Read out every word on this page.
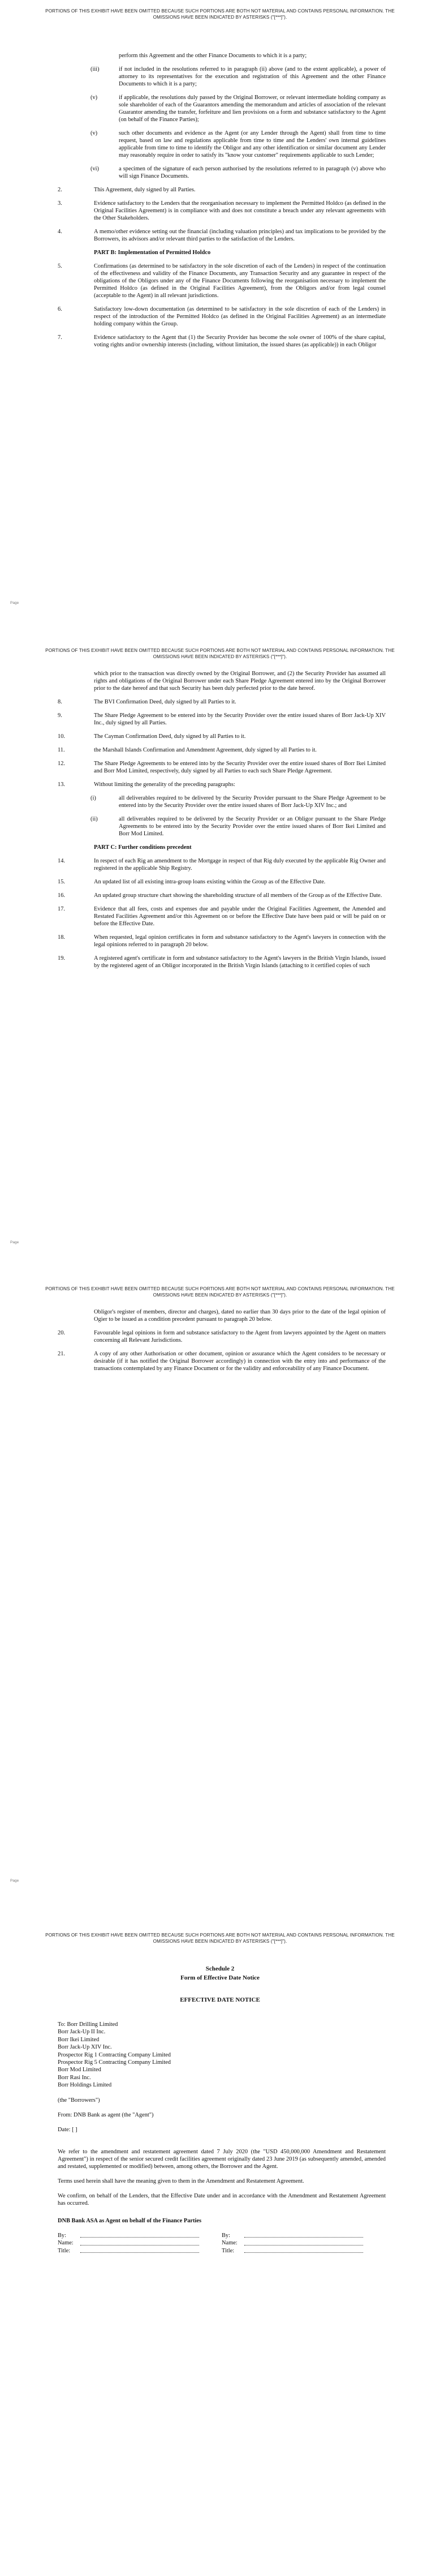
PORTIONS OF THIS EXHIBIT HAVE BEEN OMITTED BECAUSE SUCH PORTIONS ARE BOTH NOT MATERIAL AND CONTAINS PERSONAL INFORMATION. THE OMISSIONS HAVE BEEN INDICATED BY ASTERISKS ("[***]").
perform this Agreement and the other Finance Documents to which it is a party;
(iii)	if not included in the resolutions referred to in paragraph (ii) above (and to the extent applicable), a power of attorney to its representatives for the execution and registration of this Agreement and the other Finance Documents to which it is a party;
(v)	if applicable, the resolutions duly passed by the Original Borrower, or relevant intermediate holding company as sole shareholder of each of the Guarantors amending the memorandum and articles of association of the relevant Guarantor amending the transfer, forfeiture and lien provisions on a form and substance satisfactory to the Agent (on behalf of the Finance Parties);
(v)	such other documents and evidence as the Agent (or any Lender through the Agent) shall from time to time request, based on law and regulations applicable from time to time and the Lenders' own internal guidelines applicable from time to time to identify the Obligor and any other identification or similar document any Lender may reasonably require in order to satisfy its "know your customer" requirements applicable to such Lender;
(vi)	a specimen of the signature of each person authorised by the resolutions referred to in paragraph (v) above who will sign Finance Documents.
2.	This Agreement, duly signed by all Parties.
3.	Evidence satisfactory to the Lenders that the reorganisation necessary to implement the Permitted Holdco (as defined in the Original Facilities Agreement) is in compliance with and does not constitute a breach under any relevant agreements with the Other Stakeholders.
4.	A memo/other evidence setting out the financial (including valuation principles) and tax implications to be provided by the Borrowers, its advisors and/or relevant third parties to the satisfaction of the Lenders.
PART B: Implementation of Permitted Holdco
5.	Confirmations (as determined to be satisfactory in the sole discretion of each of the Lenders) in respect of the continuation of the effectiveness and validity of the Finance Documents, any Transaction Security and any guarantee in respect of the obligations of the Obligors under any of the Finance Documents following the reorganisation necessary to implement the Permitted Holdco (as defined in the Original Facilities Agreement), from the Obligors and/or from legal counsel (acceptable to the Agent) in all relevant jurisdictions.
6.	Satisfactory low-down documentation (as determined to be satisfactory in the sole discretion of each of the Lenders) in respect of the introduction of the Permitted Holdco (as defined in the Original Facilities Agreement) as an intermediate holding company within the Group.
7.	Evidence satisfactory to the Agent that (1) the Security Provider has become the sole owner of 100% of the share capital, voting rights and/or ownership interests (including, without limitation, the issued shares (as applicable)) in each Obligor
Page
PORTIONS OF THIS EXHIBIT HAVE BEEN OMITTED BECAUSE SUCH PORTIONS ARE BOTH NOT MATERIAL AND CONTAINS PERSONAL INFORMATION. THE OMISSIONS HAVE BEEN INDICATED BY ASTERISKS ("[***]").
which prior to the transaction was directly owned by the Original Borrower, and (2) the Security Provider has assumed all rights and obligations of the Original Borrower under each Share Pledge Agreement entered into by the Original Borrower prior to the date hereof and that such Security has been duly perfected prior to the date hereof.
8.	The BVI Confirmation Deed, duly signed by all Parties to it.
9.	The Share Pledge Agreement to be entered into by the Security Provider over the entire issued shares of Borr Jack-Up XIV Inc., duly signed by all Parties.
10.	The Cayman Confirmation Deed, duly signed by all Parties to it.
11.	the Marshall Islands Confirmation and Amendment Agreement, duly signed by all Parties to it.
12.	The Share Pledge Agreements to be entered into by the Security Provider over the entire issued shares of Borr Ikei Limited and Borr Mod Limited, respectively, duly signed by all Parties to each such Share Pledge Agreement.
13.	Without limiting the generality of the preceding paragraphs:
(i)	all deliverables required to be delivered by the Security Provider pursuant to the Share Pledge Agreement to be entered into by the Security Provider over the entire issued shares of Borr Jack-Up XIV Inc.; and
(ii)	all deliverables required to be delivered by the Security Provider or an Obligor pursuant to the Share Pledge Agreements to be entered into by the Security Provider over the entire issued shares of Borr Ikei Limited and Borr Mod Limited.
PART C: Further conditions precedent
14.	In respect of each Rig an amendment to the Mortgage in respect of that Rig duly executed by the applicable Rig Owner and registered in the applicable Ship Registry.
15.	An updated list of all existing intra-group loans existing within the Group as of the Effective Date.
16.	An updated group structure chart showing the shareholding structure of all members of the Group as of the Effective Date.
17.	Evidence that all fees, costs and expenses due and payable under the Original Facilities Agreement, the Amended and Restated Facilities Agreement and/or this Agreement on or before the Effective Date have been paid or will be paid on or before the Effective Date.
18.	When requested, legal opinion certificates in form and substance satisfactory to the Agent's lawyers in connection with the legal opinions referred to in paragraph 20 below.
19.	A registered agent's certificate in form and substance satisfactory to the Agent's lawyers in the British Virgin Islands, issued by the registered agent of an Obligor incorporated in the British Virgin Islands (attaching to it certified copies of such
Page
PORTIONS OF THIS EXHIBIT HAVE BEEN OMITTED BECAUSE SUCH PORTIONS ARE BOTH NOT MATERIAL AND CONTAINS PERSONAL INFORMATION. THE OMISSIONS HAVE BEEN INDICATED BY ASTERISKS ("[***]").
Obligor's register of members, director and charges), dated no earlier than 30 days prior to the date of the legal opinion of Ogier to be issued as a condition precedent pursuant to paragraph 20 below.
20.	Favourable legal opinions in form and substance satisfactory to the Agent from lawyers appointed by the Agent on matters concerning all Relevant Jurisdictions.
21.	A copy of any other Authorisation or other document, opinion or assurance which the Agent considers to be necessary or desirable (if it has notified the Original Borrower accordingly) in connection with the entry into and performance of the transactions contemplated by any Finance Document or for the validity and enforceability of any Finance Document.
Page
PORTIONS OF THIS EXHIBIT HAVE BEEN OMITTED BECAUSE SUCH PORTIONS ARE BOTH NOT MATERIAL AND CONTAINS PERSONAL INFORMATION. THE OMISSIONS HAVE BEEN INDICATED BY ASTERISKS ("[***]").
Schedule 2
Form of Effective Date Notice
EFFECTIVE DATE NOTICE
To: Borr Drilling Limited
Borr Jack-Up II Inc.
Borr Ikei Limited
Borr Jack-Up XIV Inc.
Prospector Rig 1 Contracting Company Limited
Prospector Rig 5 Contracting Company Limited
Borr Mod Limited
Borr Rasi Inc.
Borr Holdings Limited
(the "Borrowers")
From: DNB Bank as agent (the "Agent")
Date: [ ]
We refer to the amendment and restatement agreement dated 7 July 2020 (the "USD 450,000,000 Amendment and Restatement Agreement") in respect of the senior secured credit facilities agreement originally dated 23 June 2019 (as subsequently amended, amended and restated, supplemented or modified) between, among others, the Borrower and the Agent.
Terms used herein shall have the meaning given to them in the Amendment and Restatement Agreement.
We confirm, on behalf of the Lenders, that the Effective Date under and in accordance with the Amendment and Restatement Agreement has occurred.
DNB Bank ASA as Agent on behalf of the Finance Parties
By:
Name:
Title:
By:
Name:
Title:
